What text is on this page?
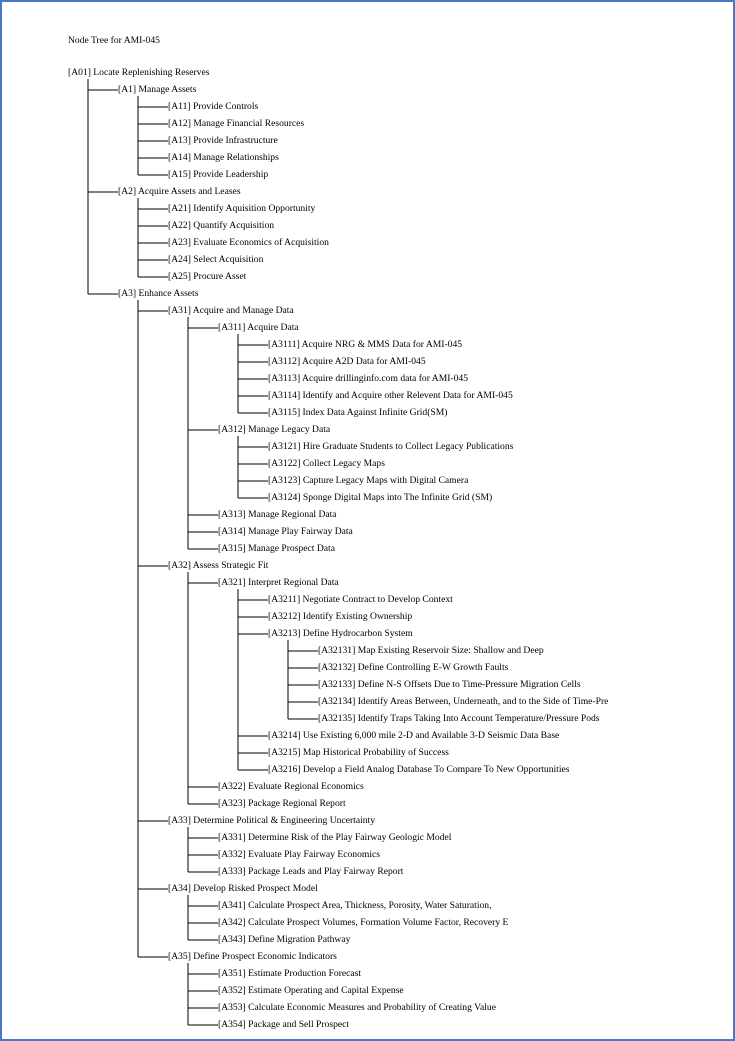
Node Tree for AMI-045
[A01] Locate Replenishing Reserves
[A1] Manage Assets
[A11] Provide Controls
[A12] Manage Financial Resources
[A13] Provide Infrastructure
[A14] Manage Relationships
[A15] Provide Leadership
[A2] Acquire Assets and Leases
[A21] Identify Aquisition Opportunity
[A22] Quantify Acquisition
[A23] Evaluate Economics of Acquisition
[A24] Select Acquisition
[A25] Procure Asset
[A3] Enhance Assets
[A31] Acquire and Manage Data
[A311] Acquire Data
[A3111] Acquire NRG & MMS Data for AMI-045
[A3112] Acquire A2D Data for AMI-045
[A3113] Acquire drillinginfo.com data for AMI-045
[A3114] Identify and Acquire other Relevent Data for AMI-045
[A3115] Index Data Against Infinite Grid(SM)
[A312] Manage Legacy Data
[A3121] Hire Graduate Students to Collect Legacy Publications
[A3122] Collect Legacy Maps
[A3123] Capture Legacy Maps with Digital Camera
[A3124] Sponge Digital Maps into The Infinite Grid (SM)
[A313] Manage Regional Data
[A314] Manage Play Fairway Data
[A315] Manage Prospect Data
[A32] Assess Strategic Fit
[A321] Interpret Regional Data
[A3211] Negotiate Contract to Develop Context
[A3212] Identify Existing Ownership
[A3213] Define Hydrocarbon System
[A32131] Map Existing Reservoir Size: Shallow and Deep
[A32132] Define Controlling E-W Growth Faults
[A32133] Define N-S Offsets Due to Time-Pressure Migration Cells
[A32134] Identify Areas Between, Underneath, and to the Side of Time-Pre
[A32135] Identify Traps Taking Into Account Temperature/Pressure Pods
[A3214] Use Existing 6,000 mile 2-D and Available 3-D Seismic Data Base
[A3215] Map Historical Probability of Success
[A3216] Develop a Field Analog Database To Compare To New Opportunities
[A322] Evaluate Regional Economics
[A323] Package Regional Report
[A33] Determine Political & Engineering Uncertainty
[A331] Determine Risk of the Play Fairway Geologic Model
[A332] Evaluate Play Fairway Economics
[A333] Package Leads and Play Fairway Report
[A34] Develop Risked Prospect Model
[A341] Calculate Prospect Area, Thickness, Porosity, Water Saturation,
[A342] Calculate Prospect Volumes, Formation Volume Factor, Recovery E
[A343] Define Migration Pathway
[A35] Define Prospect Economic Indicators
[A351] Estimate Production Forecast
[A352] Estimate Operating and Capital Expense
[A353] Calculate Economic Measures and Probability of Creating Value
[A354] Package and Sell Prospect
